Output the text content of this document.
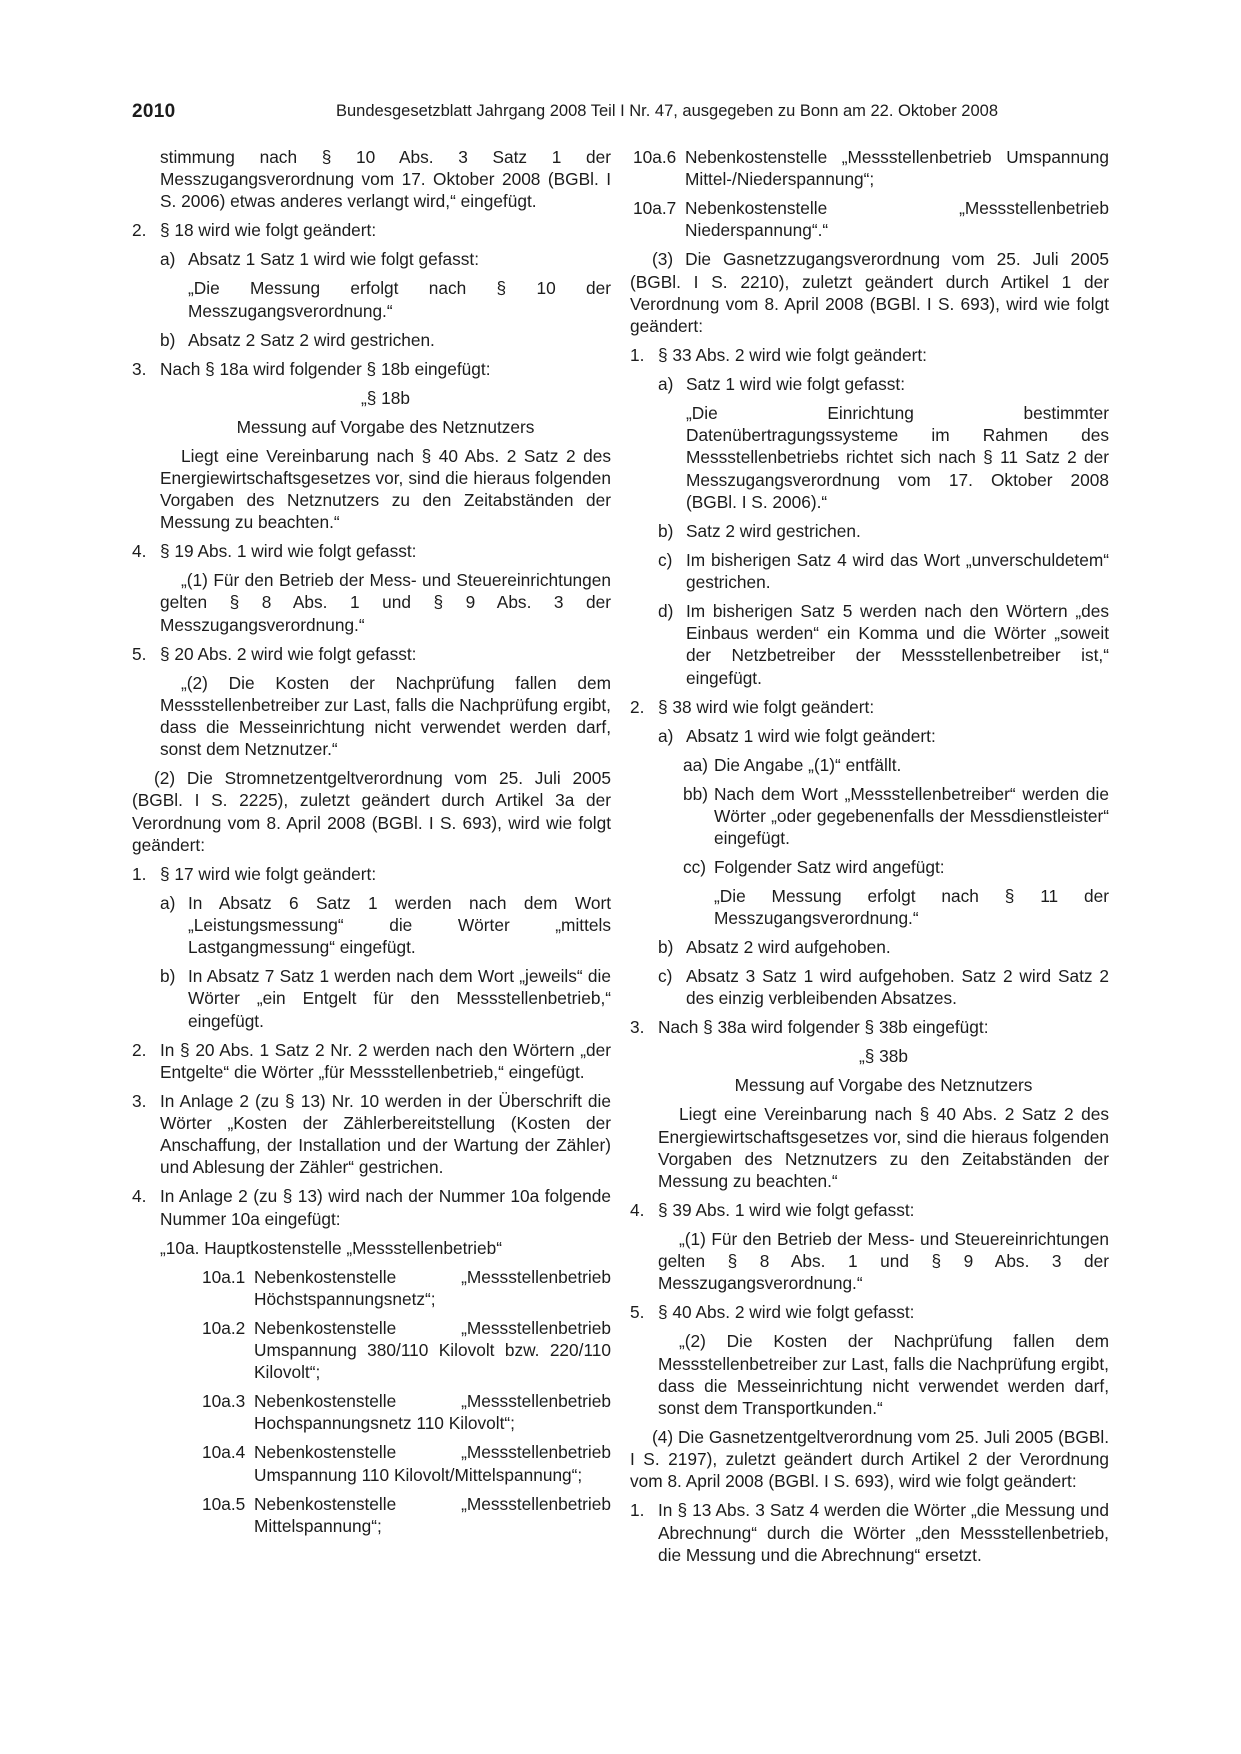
2010	Bundesgesetzblatt Jahrgang 2008 Teil I Nr. 47, ausgegeben zu Bonn am 22. Oktober 2008

stimmung nach § 10 Abs. 3 Satz 1 der Messzugangsverordnung vom 17. Oktober 2008 (BGBl. I S. 2006) etwas anderes verlangt wird,“ eingefügt.

2. § 18 wird wie folgt geändert:

a) Absatz 1 Satz 1 wird wie folgt gefasst:

„Die Messung erfolgt nach § 10 der Messzugangsverordnung.“

b) Absatz 2 Satz 2 wird gestrichen.

3. Nach § 18a wird folgender § 18b eingefügt:

„§ 18b

Messung auf Vorgabe des Netznutzers

Liegt eine Vereinbarung nach § 40 Abs. 2 Satz 2 des Energiewirtschaftsgesetzes vor, sind die hieraus folgenden Vorgaben des Netznutzers zu den Zeitabständen der Messung zu beachten.“

4. § 19 Abs. 1 wird wie folgt gefasst:

„(1) Für den Betrieb der Mess- und Steuereinrichtungen gelten § 8 Abs. 1 und § 9 Abs. 3 der Messzugangsverordnung.“

5. § 20 Abs. 2 wird wie folgt gefasst:

„(2) Die Kosten der Nachprüfung fallen dem Messstellenbetreiber zur Last, falls die Nachprüfung ergibt, dass die Messeinrichtung nicht verwendet werden darf, sonst dem Netznutzer.“

(2) Die Stromnetzentgeltverordnung vom 25. Juli 2005 (BGBl. I S. 2225), zuletzt geändert durch Artikel 3a der Verordnung vom 8. April 2008 (BGBl. I S. 693), wird wie folgt geändert:

1. § 17 wird wie folgt geändert:

a) In Absatz 6 Satz 1 werden nach dem Wort „Leistungsmessung“ die Wörter „mittels Lastgangmessung“ eingefügt.

b) In Absatz 7 Satz 1 werden nach dem Wort „jeweils“ die Wörter „ein Entgelt für den Messstellenbetrieb,“ eingefügt.

2. In § 20 Abs. 1 Satz 2 Nr. 2 werden nach den Wörtern „der Entgelte“ die Wörter „für Messstellenbetrieb,“ eingefügt.

3. In Anlage 2 (zu § 13) Nr. 10 werden in der Überschrift die Wörter „Kosten der Zählerbereitstellung (Kosten der Anschaffung, der Installation und der Wartung der Zähler) und Ablesung der Zähler“ gestrichen.

4. In Anlage 2 (zu § 13) wird nach der Nummer 10a folgende Nummer 10a eingefügt:

„10a. Hauptkostenstelle „Messstellenbetrieb“

10a.1 Nebenkostenstelle „Messstellenbetrieb Höchstspannungsnetz“;

10a.2 Nebenkostenstelle „Messstellenbetrieb Umspannung 380/110 Kilovolt bzw. 220/110 Kilovolt“;

10a.3 Nebenkostenstelle „Messstellenbetrieb Hochspannungsnetz 110 Kilovolt“;

10a.4 Nebenkostenstelle „Messstellenbetrieb Umspannung 110 Kilovolt/Mittelspannung“;

10a.5 Nebenkostenstelle „Messstellenbetrieb Mittelspannung“;

10a.6 Nebenkostenstelle „Messstellenbetrieb Umspannung Mittel-/Niederspannung“;

10a.7 Nebenkostenstelle „Messstellenbetrieb Niederspannung“.“

(3) Die Gasnetzzugangsverordnung vom 25. Juli 2005 (BGBl. I S. 2210), zuletzt geändert durch Artikel 1 der Verordnung vom 8. April 2008 (BGBl. I S. 693), wird wie folgt geändert:

1. § 33 Abs. 2 wird wie folgt geändert:

a) Satz 1 wird wie folgt gefasst:

„Die Einrichtung bestimmter Datenübertragungssysteme im Rahmen des Messstellenbetriebs richtet sich nach § 11 Satz 2 der Messzugangsverordnung vom 17. Oktober 2008 (BGBl. I S. 2006).“

b) Satz 2 wird gestrichen.

c) Im bisherigen Satz 4 wird das Wort „unverschuldetem“ gestrichen.

d) Im bisherigen Satz 5 werden nach den Wörtern „des Einbaus werden“ ein Komma und die Wörter „soweit der Netzbetreiber der Messstellenbetreiber ist,“ eingefügt.

2. § 38 wird wie folgt geändert:

a) Absatz 1 wird wie folgt geändert:

aa) Die Angabe „(1)“ entfällt.

bb) Nach dem Wort „Messstellenbetreiber“ werden die Wörter „oder gegebenenfalls der Messdienstleister“ eingefügt.

cc) Folgender Satz wird angefügt:

„Die Messung erfolgt nach § 11 der Messzugangsverordnung.“

b) Absatz 2 wird aufgehoben.

c) Absatz 3 Satz 1 wird aufgehoben. Satz 2 wird Satz 2 des einzig verbleibenden Absatzes.

3. Nach § 38a wird folgender § 38b eingefügt:

„§ 38b

Messung auf Vorgabe des Netznutzers

Liegt eine Vereinbarung nach § 40 Abs. 2 Satz 2 des Energiewirtschaftsgesetzes vor, sind die hieraus folgenden Vorgaben des Netznutzers zu den Zeitabständen der Messung zu beachten.“

4. § 39 Abs. 1 wird wie folgt gefasst:

„(1) Für den Betrieb der Mess- und Steuereinrichtungen gelten § 8 Abs. 1 und § 9 Abs. 3 der Messzugangsverordnung.“

5. § 40 Abs. 2 wird wie folgt gefasst:

„(2) Die Kosten der Nachprüfung fallen dem Messstellenbetreiber zur Last, falls die Nachprüfung ergibt, dass die Messeinrichtung nicht verwendet werden darf, sonst dem Transportkunden.“

(4) Die Gasnetzentgeltverordnung vom 25. Juli 2005 (BGBl. I S. 2197), zuletzt geändert durch Artikel 2 der Verordnung vom 8. April 2008 (BGBl. I S. 693), wird wie folgt geändert:

1. In § 13 Abs. 3 Satz 4 werden die Wörter „die Messung und Abrechnung“ durch die Wörter „den Messstellenbetrieb, die Messung und die Abrechnung“ ersetzt.
